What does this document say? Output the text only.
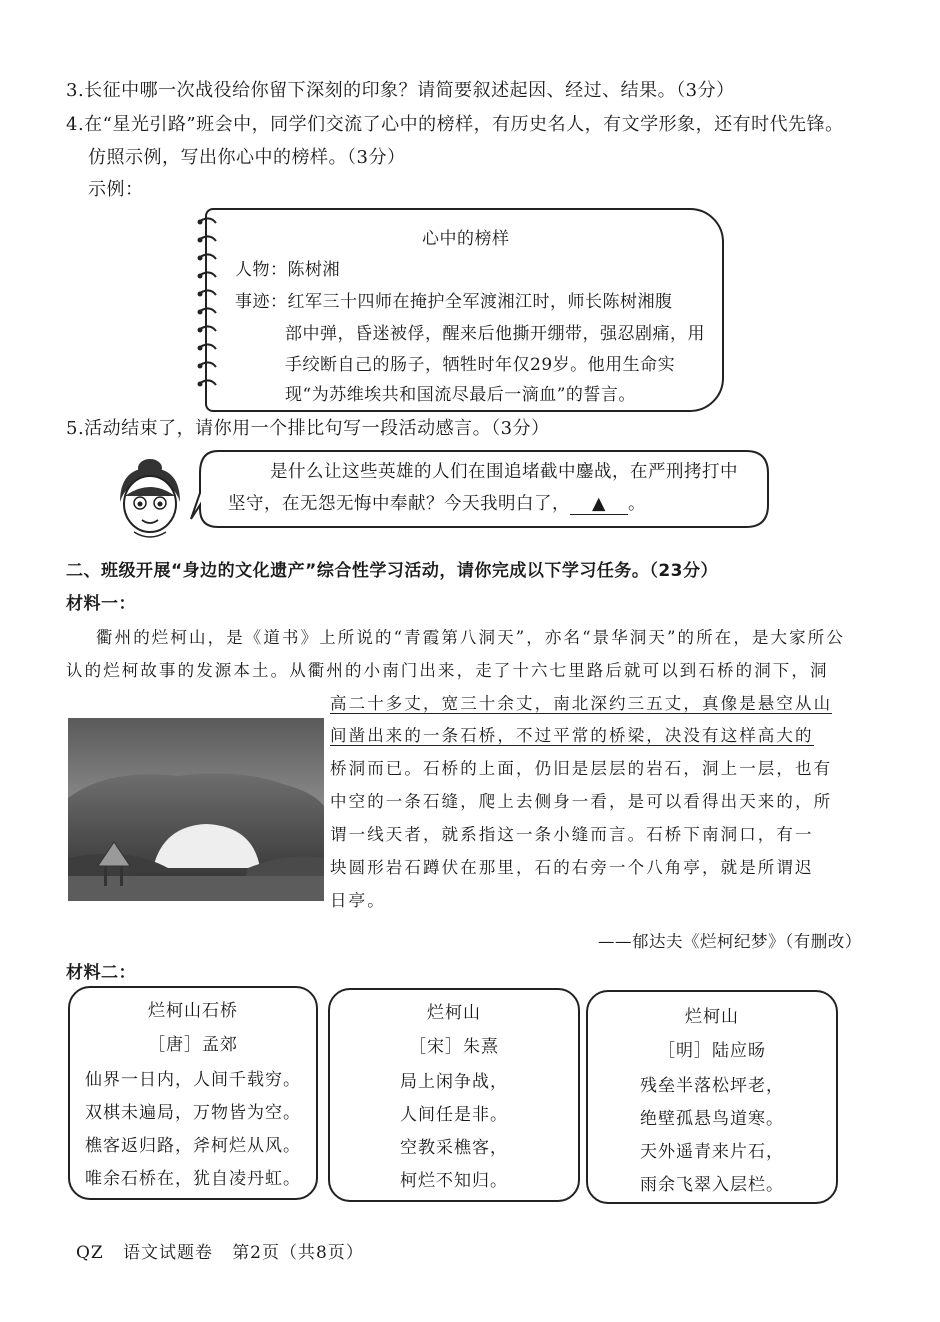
3.长征中哪一次战役给你留下深刻的印象？请简要叙述起因、经过、结果。（3分）
4.在“星光引路”班会中，同学们交流了心中的榜样，有历史名人，有文学形象，还有时代先锋。
仿照示例，写出你心中的榜样。（3分）
示例：
心中的榜样
人物：陈树湘
事迹：红军三十四师在掩护全军渡湘江时，师长陈树湘腹
部中弹，昏迷被俘，醒来后他撕开绷带，强忍剧痛，用
手绞断自己的肠子，牺牲时年仅29岁。他用生命实
现“为苏维埃共和国流尽最后一滴血”的誓言。
5.活动结束了，请你用一个排比句写一段活动感言。（3分）
是什么让这些英雄的人们在围追堵截中鏖战，在严刑拷打中
坚守，在无怨无悔中奉献？今天我明白了， ▲ 。
二、班级开展“身边的文化遗产”综合性学习活动，请你完成以下学习任务。（23分）
材料一：
衢州的烂柯山，是《道书》上所说的“青霞第八洞天”，亦名“景华洞天”的所在，是大家所公
认的烂柯故事的发源本土。从衢州的小南门出来，走了十六七里路后就可以到石桥的洞下，洞
高二十多丈，宽三十余丈，南北深约三五丈，真像是悬空从山
间凿出来的一条石桥，不过平常的桥梁，决没有这样高大的
桥洞而已。石桥的上面，仍旧是层层的岩石，洞上一层，也有
中空的一条石缝，爬上去侧身一看，是可以看得出天来的，所
谓一线天者，就系指这一条小缝而言。石桥下南洞口，有一
块圆形岩石蹲伏在那里，石的右旁一个八角亭，就是所谓迟
日亭。
——郁达夫《烂柯纪梦》（有删改）
材料二：
烂柯山石桥
［唐］孟郊
仙界一日内，人间千载穷。
双棋未遍局，万物皆为空。
樵客返归路，斧柯烂从风。
唯余石桥在，犹自凌丹虹。
烂柯山
［宋］朱熹
局上闲争战，
人间任是非。
空教采樵客，
柯烂不知归。
烂柯山
［明］陆应旸
残垒半落松坪老，
绝壁孤悬鸟道寒。
天外遥青来片石，
雨余飞翠入层栏。
QZ 语文试题卷 第2页（共8页）
